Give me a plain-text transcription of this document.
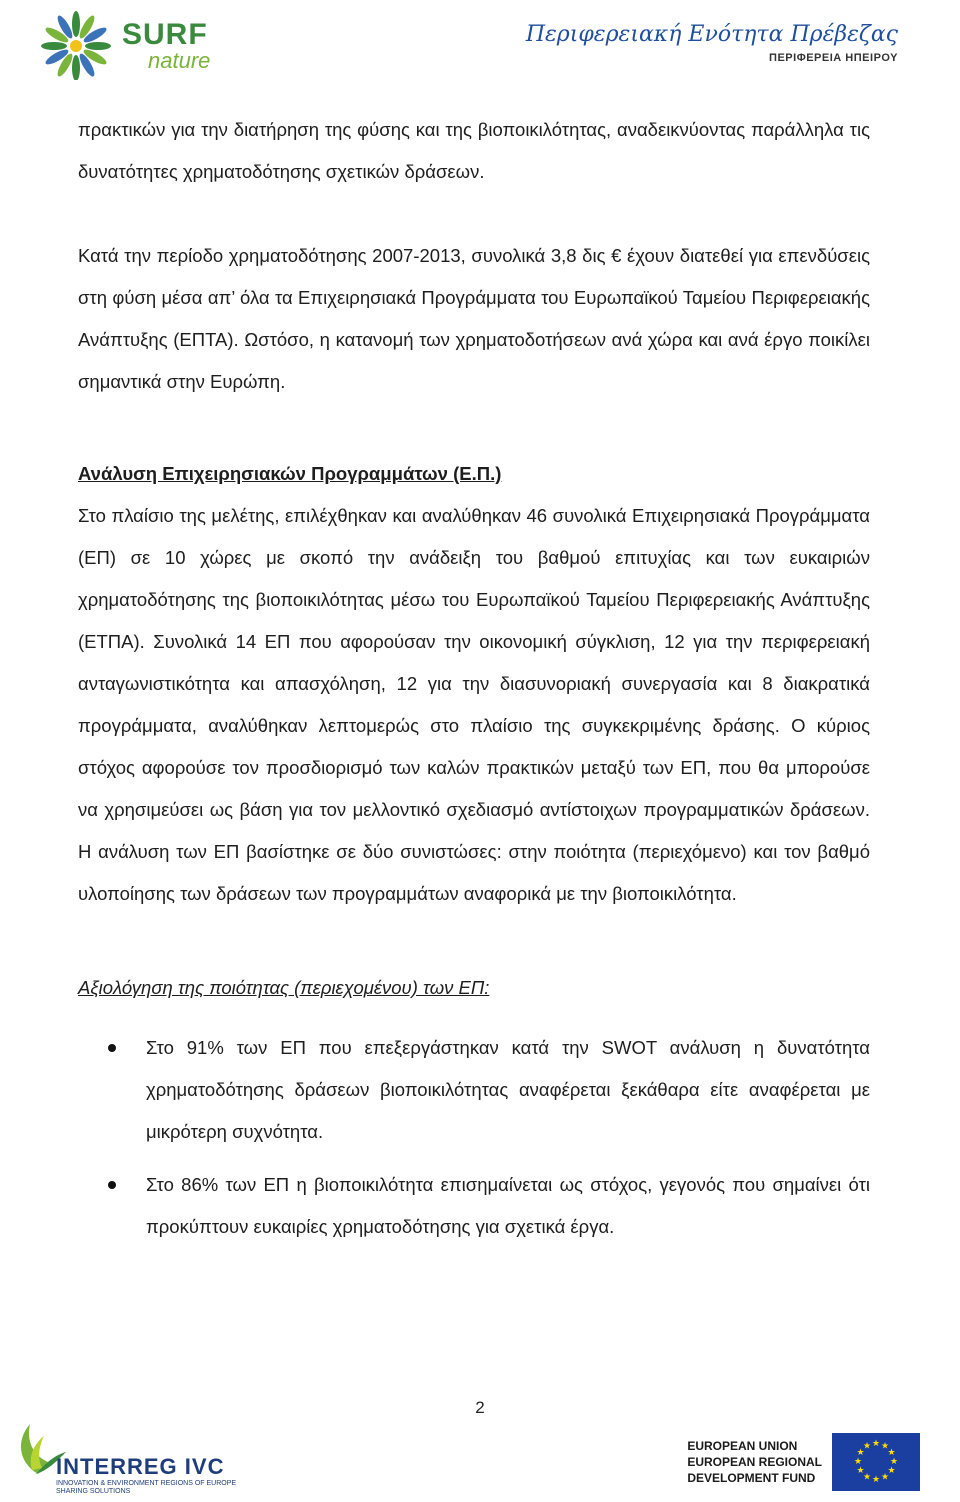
SURF
nature
Περιφερειακή Ενότητα Πρέβεζας
ΠΕΡΙΦΕΡΕΙΑ ΗΠΕΙΡΟΥ

πρακτικών για την διατήρηση της φύσης και της βιοποικιλότητας, αναδεικνύοντας παράλληλα τις δυνατότητες χρηματοδότησης σχετικών δράσεων.

Κατά την περίοδο χρηματοδότησης 2007-2013, συνολικά 3,8 δις € έχουν διατεθεί για επενδύσεις στη φύση μέσα απ’ όλα τα Επιχειρησιακά Προγράμματα του Ευρωπαϊκού Ταμείου Περιφερειακής Ανάπτυξης (ΕΠΤΑ). Ωστόσο, η κατανομή των χρηματοδοτήσεων ανά χώρα και ανά έργο ποικίλει σημαντικά στην Ευρώπη.

Ανάλυση Επιχειρησιακών Προγραμμάτων (Ε.Π.)

Στο πλαίσιο της μελέτης, επιλέχθηκαν και αναλύθηκαν 46 συνολικά Επιχειρησιακά Προγράμματα (ΕΠ) σε 10 χώρες με σκοπό την ανάδειξη του βαθμού επιτυχίας και των ευκαιριών χρηματοδότησης της βιοποικιλότητας μέσω του Ευρωπαϊκού Ταμείου Περιφερειακής Ανάπτυξης (ΕΤΠΑ). Συνολικά 14 ΕΠ που αφορούσαν την οικονομική σύγκλιση, 12 για την περιφερειακή ανταγωνιστικότητα και απασχόληση, 12 για την διασυνοριακή συνεργασία και 8 διακρατικά προγράμματα, αναλύθηκαν λεπτομερώς στο πλαίσιο της συγκεκριμένης δράσης. Ο κύριος στόχος αφορούσε τον προσδιορισμό των καλών πρακτικών μεταξύ των ΕΠ, που θα μπορούσε να χρησιμεύσει ως βάση για τον μελλοντικό σχεδιασμό αντίστοιχων προγραμματικών δράσεων. Η ανάλυση των ΕΠ βασίστηκε σε δύο συνιστώσες: στην ποιότητα (περιεχόμενο) και τον βαθμό υλοποίησης των δράσεων των προγραμμάτων αναφορικά με την βιοποικιλότητα.

Αξιολόγηση της ποιότητας (περιεχομένου) των ΕΠ:

Στο 91% των ΕΠ που επεξεργάστηκαν κατά την SWOT ανάλυση η δυνατότητα χρηματοδότησης δράσεων βιοποικιλότητας αναφέρεται ξεκάθαρα είτε αναφέρεται με μικρότερη συχνότητα.
Στο 86% των ΕΠ η βιοποικιλότητα επισημαίνεται ως στόχος, γεγονός που σημαίνει ότι προκύπτουν ευκαιρίες χρηματοδότησης για σχετικά έργα.
2
INTERREG IVC
INNOVATION & ENVIRONMENT REGIONS OF EUROPE SHARING SOLUTIONS
EUROPEAN UNION
EUROPEAN REGIONAL
DEVELOPMENT FUND
★ ★
★
★
★
★
★
★
★
★
★
★
